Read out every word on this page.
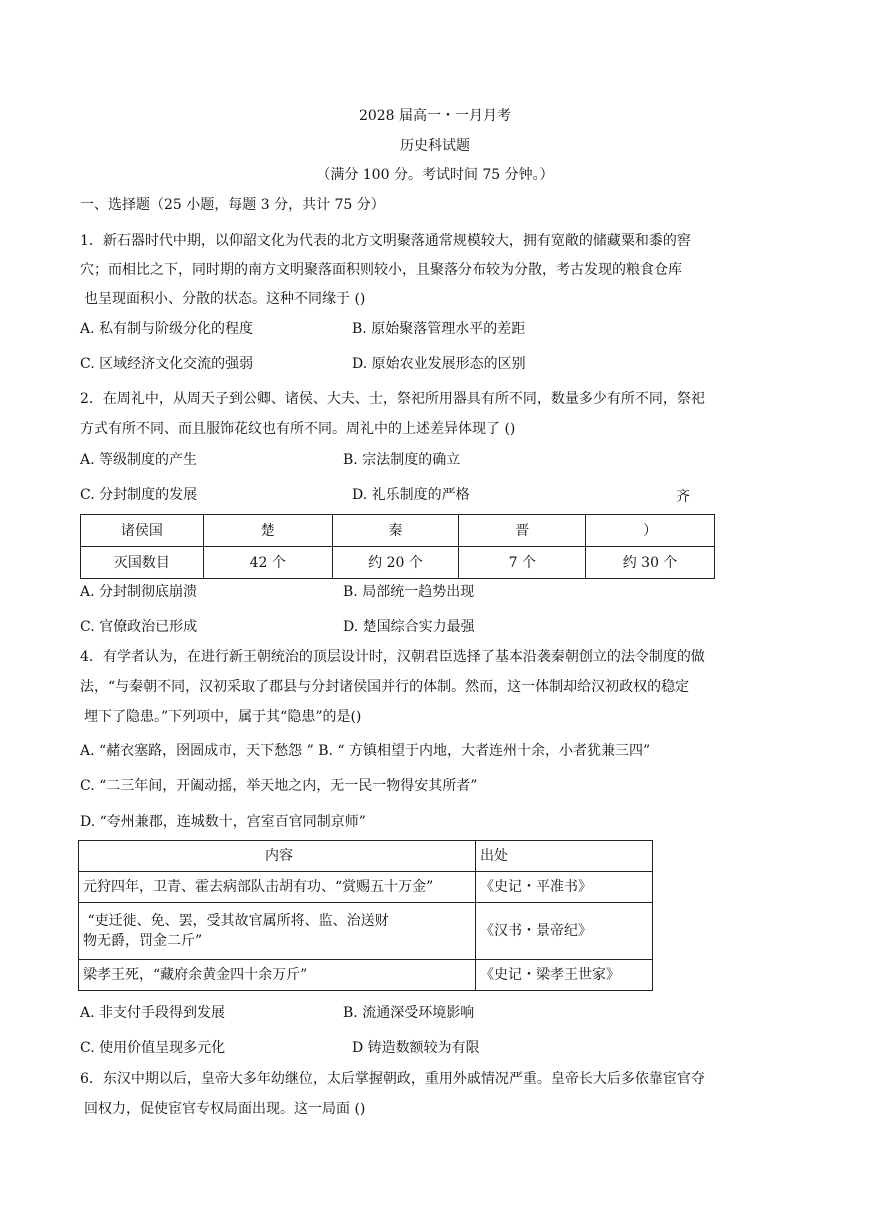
2028 届高一・一月月考
历史科试题
（满分 100 分。考试时间 75 分钟。）
一、选择题（25 小题，每题 3 分，共计 75 分）
1．新石器时代中期，以仰韶文化为代表的北方文明聚落通常规模较大，拥有宽敞的储藏粟和黍的窖
穴；而相比之下，同时期的南方文明聚落面积则较小，且聚落分布较为分散，考古发现的粮食仓库
也呈现面积小、分散的状态。这种不同缘于 ()
A. 私有制与阶级分化的程度	B. 原始聚落管理水平的差距
C. 区域经济文化交流的强弱	D. 原始农业发展形态的区别
2．在周礼中，从周天子到公卿、诸侯、大夫、士，祭祀所用器具有所不同，数量多少有所不同，祭祀
方式有所不同、而且服饰花纹也有所不同。周礼中的上述差异体现了 ()
A. 等级制度的产生	B. 宗法制度的确立
C. 分封制度的发展	D. 礼乐制度的严格	齐
诸侯国	楚	秦	晋	）
灭国数目	42 个	约 20 个	7 个	约 30 个
A. 分封制彻底崩溃	B. 局部统一趋势出现
C. 官僚政治已形成	D. 楚国综合实力最强
4．有学者认为，在进行新王朝统治的顶层设计时，汉朝君臣选择了基本沿袭秦朝创立的法令制度的做
法，“与秦朝不同，汉初采取了郡县与分封诸侯国并行的体制。然而，这一体制却给汉初政权的稳定
埋下了隐患。”下列项中，属于其“隐患”的是()
A. “赭衣塞路，囹圄成市，天下愁怨 ” B. “ 方镇相望于内地，大者连州十余，小者犹兼三四”
C. “二三年间，开阖动摇，举天地之内，无一民一物得安其所者”
D. “夸州兼郡，连城数十，宫室百官同制京师”
内容	出处
元狩四年，卫青、霍去病部队击胡有功、“赏赐五十万金”	《史记・平准书》

“吏迁徙、免、罢，受其故官属所将、监、治送财
物无爵，罚金二斤”	《汉书・景帝纪》
梁孝王死，“藏府余黄金四十余万斤”	《史记・梁孝王世家》
A. 非支付手段得到发展	B. 流通深受环境影响
C. 使用价值呈现多元化	D 铸造数额较为有限
6．东汉中期以后，皇帝大多年幼继位，太后掌握朝政，重用外戚情况严重。皇帝长大后多依靠宦官夺
回权力，促使宦官专权局面出现。这一局面 ()
